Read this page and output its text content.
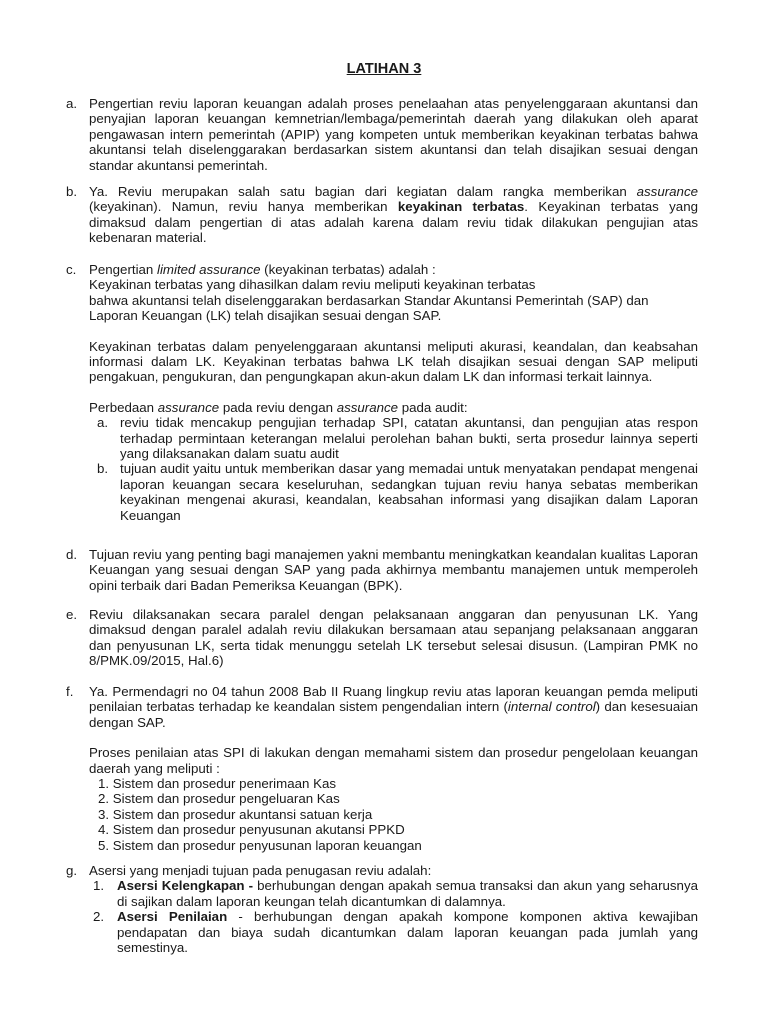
LATIHAN 3
a. Pengertian reviu laporan keuangan adalah proses penelaahan atas penyelenggaraan akuntansi dan penyajian laporan keuangan kemnetrian/lembaga/pemerintah daerah yang dilakukan oleh aparat pengawasan intern pemerintah (APIP) yang kompeten untuk memberikan keyakinan terbatas bahwa akuntansi telah diselenggarakan berdasarkan sistem akuntansi dan telah disajikan sesuai dengan standar akuntansi pemerintah.

b. Ya. Reviu merupakan salah satu bagian dari kegiatan dalam rangka memberikan assurance (keyakinan). Namun, reviu hanya memberikan keyakinan terbatas. Keyakinan terbatas yang dimaksud dalam pengertian di atas adalah karena dalam reviu tidak dilakukan pengujian atas kebenaran material.

c. Pengertian limited assurance (keyakinan terbatas) adalah :

Keyakinan terbatas yang dihasilkan dalam reviu meliputi keyakinan terbatas

bahwa akuntansi telah diselenggarakan berdasarkan Standar Akuntansi Pemerintah (SAP) dan Laporan Keuangan (LK) telah disajikan sesuai dengan SAP.

Keyakinan terbatas dalam penyelenggaraan akuntansi meliputi akurasi, keandalan, dan keabsahan informasi dalam LK. Keyakinan terbatas bahwa LK telah disajikan sesuai dengan SAP meliputi pengakuan, pengukuran, dan pengungkapan akun-akun dalam LK dan informasi terkait lainnya.

Perbedaan assurance pada reviu dengan assurance pada audit:

a. reviu tidak mencakup pengujian terhadap SPI, catatan akuntansi, dan pengujian atas respon terhadap permintaan keterangan melalui perolehan bahan bukti, serta prosedur lainnya seperti yang dilaksanakan dalam suatu audit
b. tujuan audit yaitu untuk memberikan dasar yang memadai untuk menyatakan pendapat mengenai laporan keuangan secara keseluruhan, sedangkan tujuan reviu hanya sebatas memberikan keyakinan mengenai akurasi, keandalan, keabsahan informasi yang disajikan dalam Laporan Keuangan
d. Tujuan reviu yang penting bagi manajemen yakni membantu meningkatkan keandalan kualitas Laporan Keuangan yang sesuai dengan SAP yang pada akhirnya membantu manajemen untuk memperoleh opini terbaik dari Badan Pemeriksa Keuangan (BPK).

e. Reviu dilaksanakan secara paralel dengan pelaksanaan anggaran dan penyusunan LK. Yang dimaksud dengan paralel adalah reviu dilakukan bersamaan atau sepanjang pelaksanaan anggaran dan penyusunan LK, serta tidak menunggu setelah LK tersebut selesai disusun. (Lampiran PMK no 8/PMK.09/2015, Hal.6)

f. Ya. Permendagri no 04 tahun 2008 Bab II Ruang lingkup reviu atas laporan keuangan pemda meliputi penilaian terbatas terhadap ke keandalan sistem pengendalian intern (internal control) dan kesesuaian dengan SAP.

Proses penilaian atas SPI di lakukan dengan memahami sistem dan prosedur pengelolaan keuangan daerah yang meliputi :

1. Sistem dan prosedur penerimaan Kas
2. Sistem dan prosedur pengeluaran Kas
3. Sistem dan prosedur akuntansi satuan kerja
4. Sistem dan prosedur penyusunan akutansi PPKD
5. Sistem dan prosedur penyusunan laporan keuangan
g. Asersi yang menjadi tujuan pada penugasan reviu adalah:

1. Asersi Kelengkapan - berhubungan dengan apakah semua transaksi dan akun yang seharusnya di sajikan dalam laporan keungan telah dicantumkan di dalamnya.
2. Asersi Penilaian - berhubungan dengan apakah kompone komponen aktiva kewajiban pendapatan dan biaya sudah dicantumkan dalam laporan keuangan pada jumlah yang semestinya.
